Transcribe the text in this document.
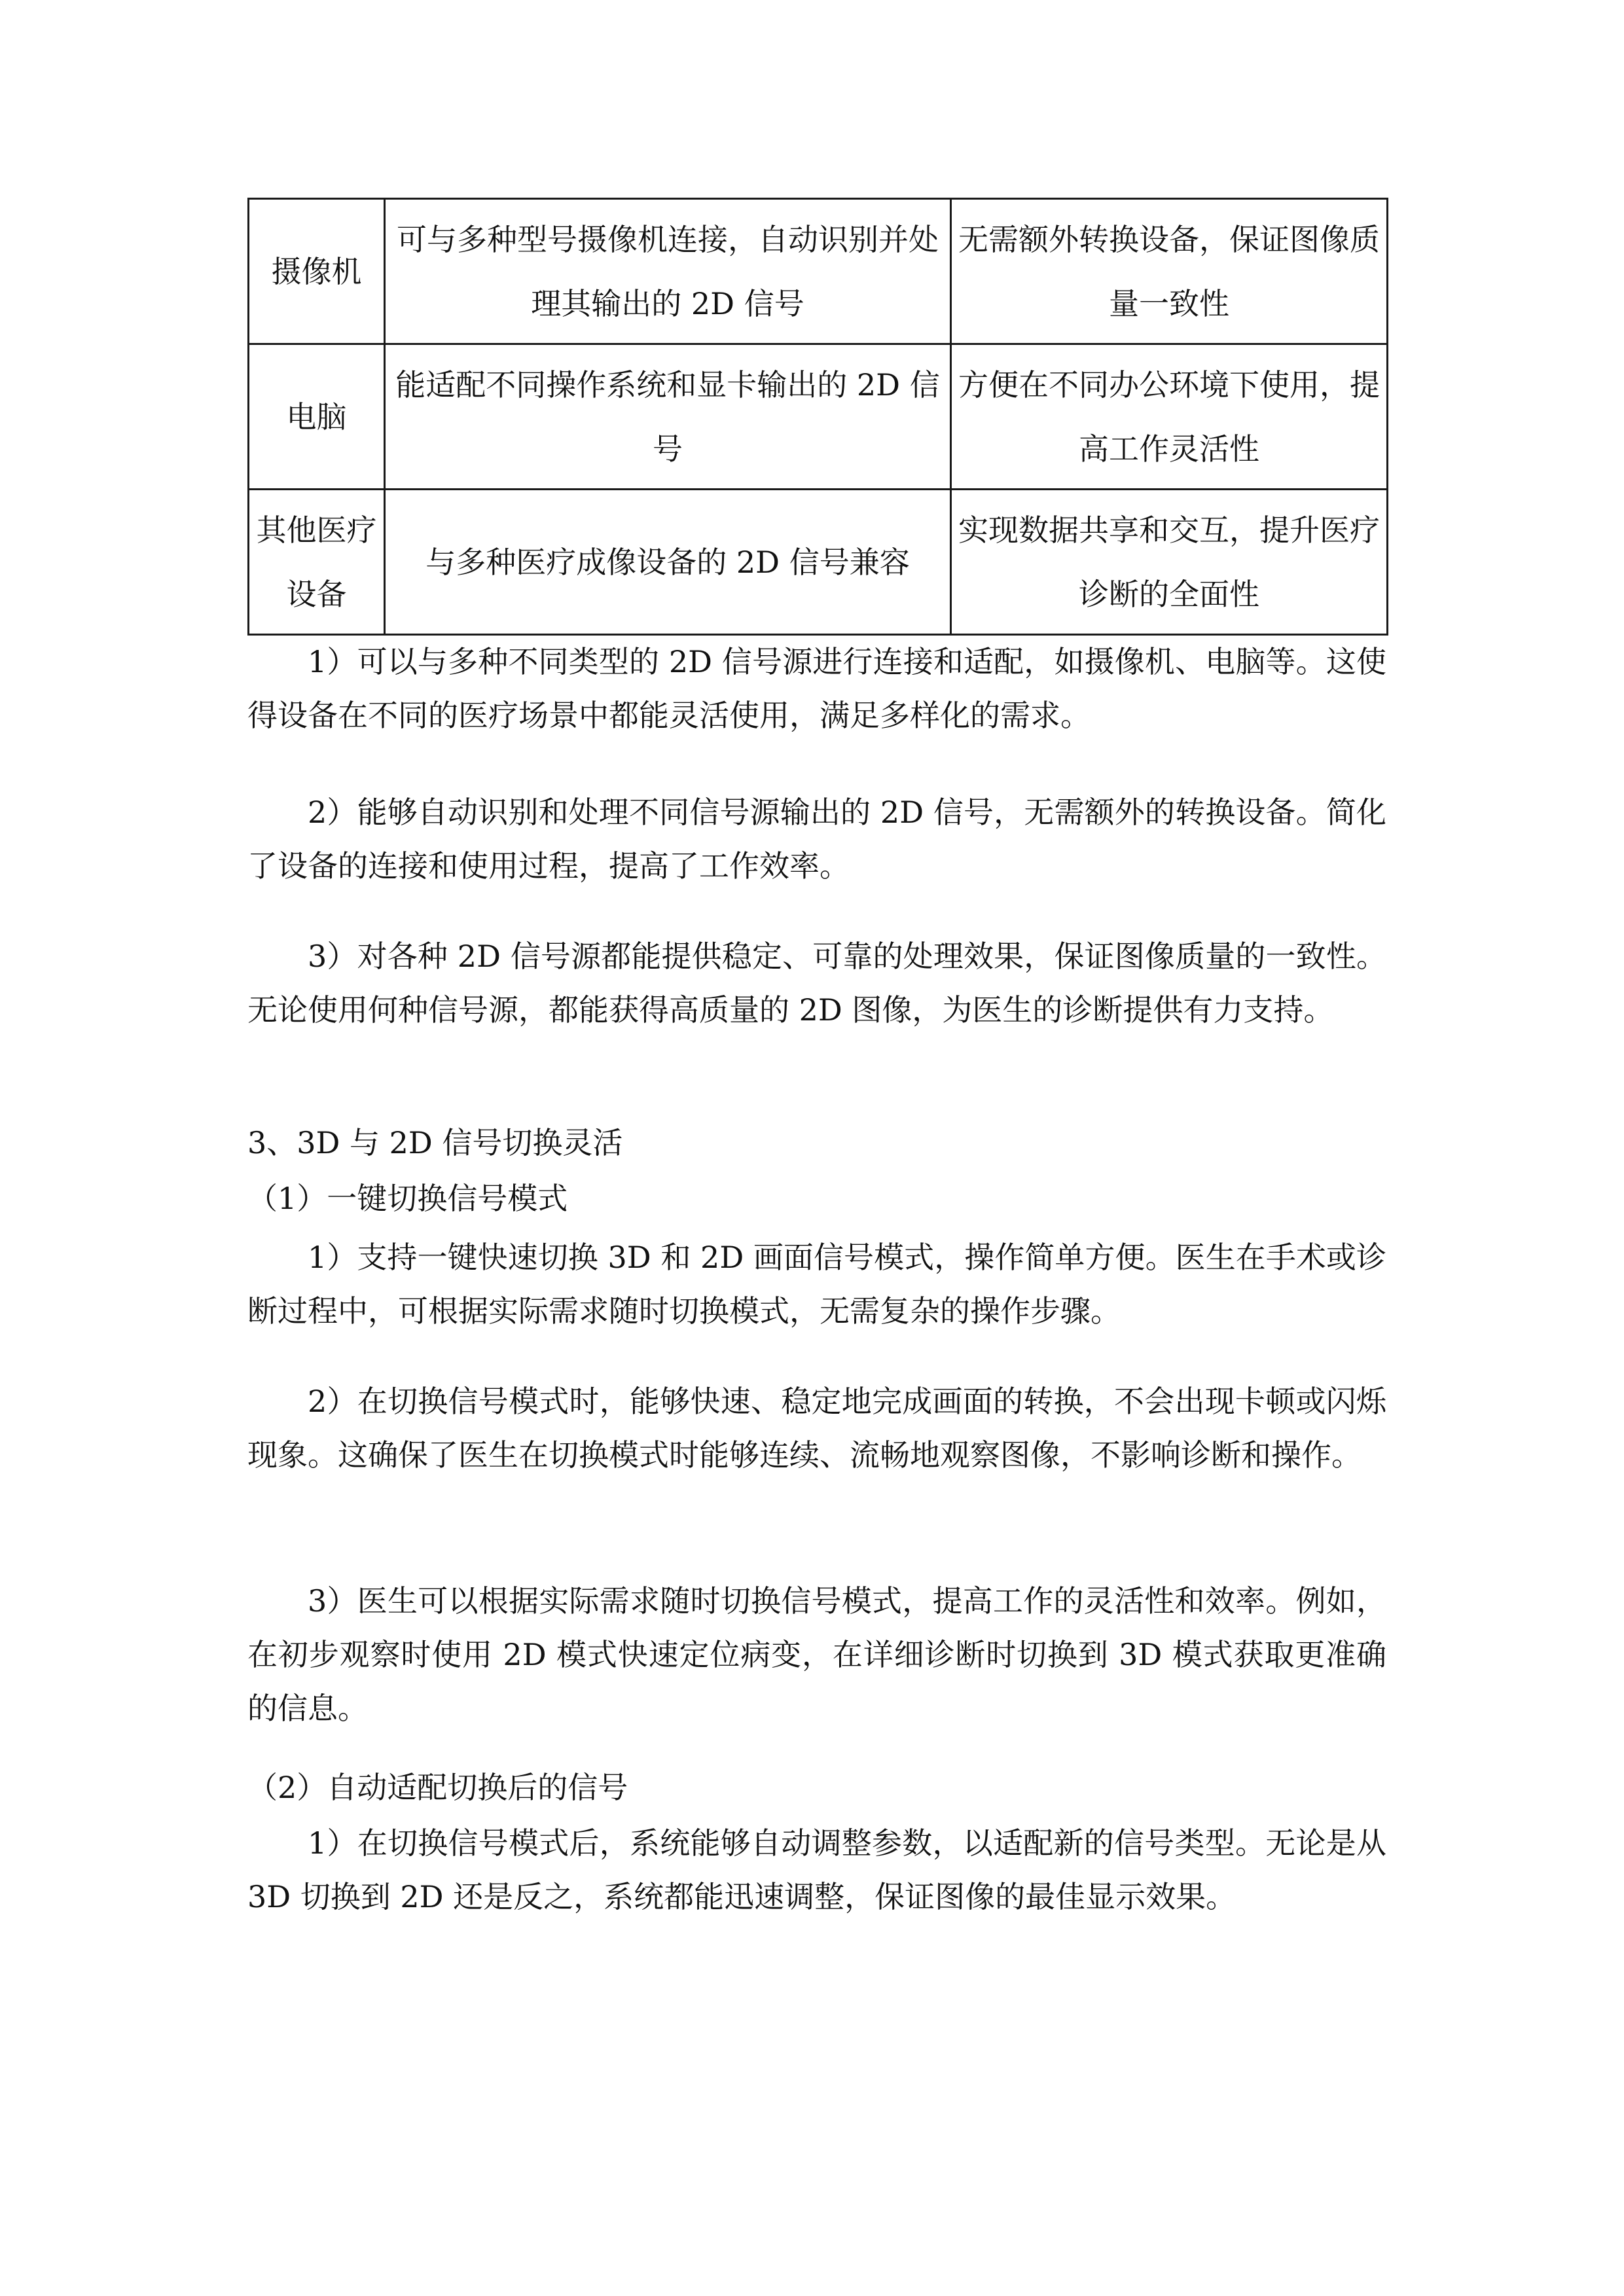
摄像机	可与多种型号摄像机连接，自动识别并处理其输出的 2D 信号	无需额外转换设备，保证图像质量一致性
电脑	能适配不同操作系统和显卡输出的 2D 信号	方便在不同办公环境下使用，提高工作灵活性
其他医疗设备	与多种医疗成像设备的 2D 信号兼容	实现数据共享和交互，提升医疗诊断的全面性

1）可以与多种不同类型的 2D 信号源进行连接和适配，如摄像机、电脑等。这使得设备在不同的医疗场景中都能灵活使用，满足多样化的需求。

2）能够自动识别和处理不同信号源输出的 2D 信号，无需额外的转换设备。简化了设备的连接和使用过程，提高了工作效率。

3）对各种 2D 信号源都能提供稳定、可靠的处理效果，保证图像质量的一致性。无论使用何种信号源，都能获得高质量的 2D 图像，为医生的诊断提供有力支持。

3、3D 与 2D 信号切换灵活

（1）一键切换信号模式

1）支持一键快速切换 3D 和 2D 画面信号模式，操作简单方便。医生在手术或诊断过程中，可根据实际需求随时切换模式，无需复杂的操作步骤。

2）在切换信号模式时，能够快速、稳定地完成画面的转换，不会出现卡顿或闪烁现象。这确保了医生在切换模式时能够连续、流畅地观察图像，不影响诊断和操作。

3）医生可以根据实际需求随时切换信号模式，提高工作的灵活性和效率。例如，在初步观察时使用 2D 模式快速定位病变，在详细诊断时切换到 3D 模式获取更准确的信息。

（2）自动适配切换后的信号

1）在切换信号模式后，系统能够自动调整参数，以适配新的信号类型。无论是从 3D 切换到 2D 还是反之，系统都能迅速调整，保证图像的最佳显示效果。
